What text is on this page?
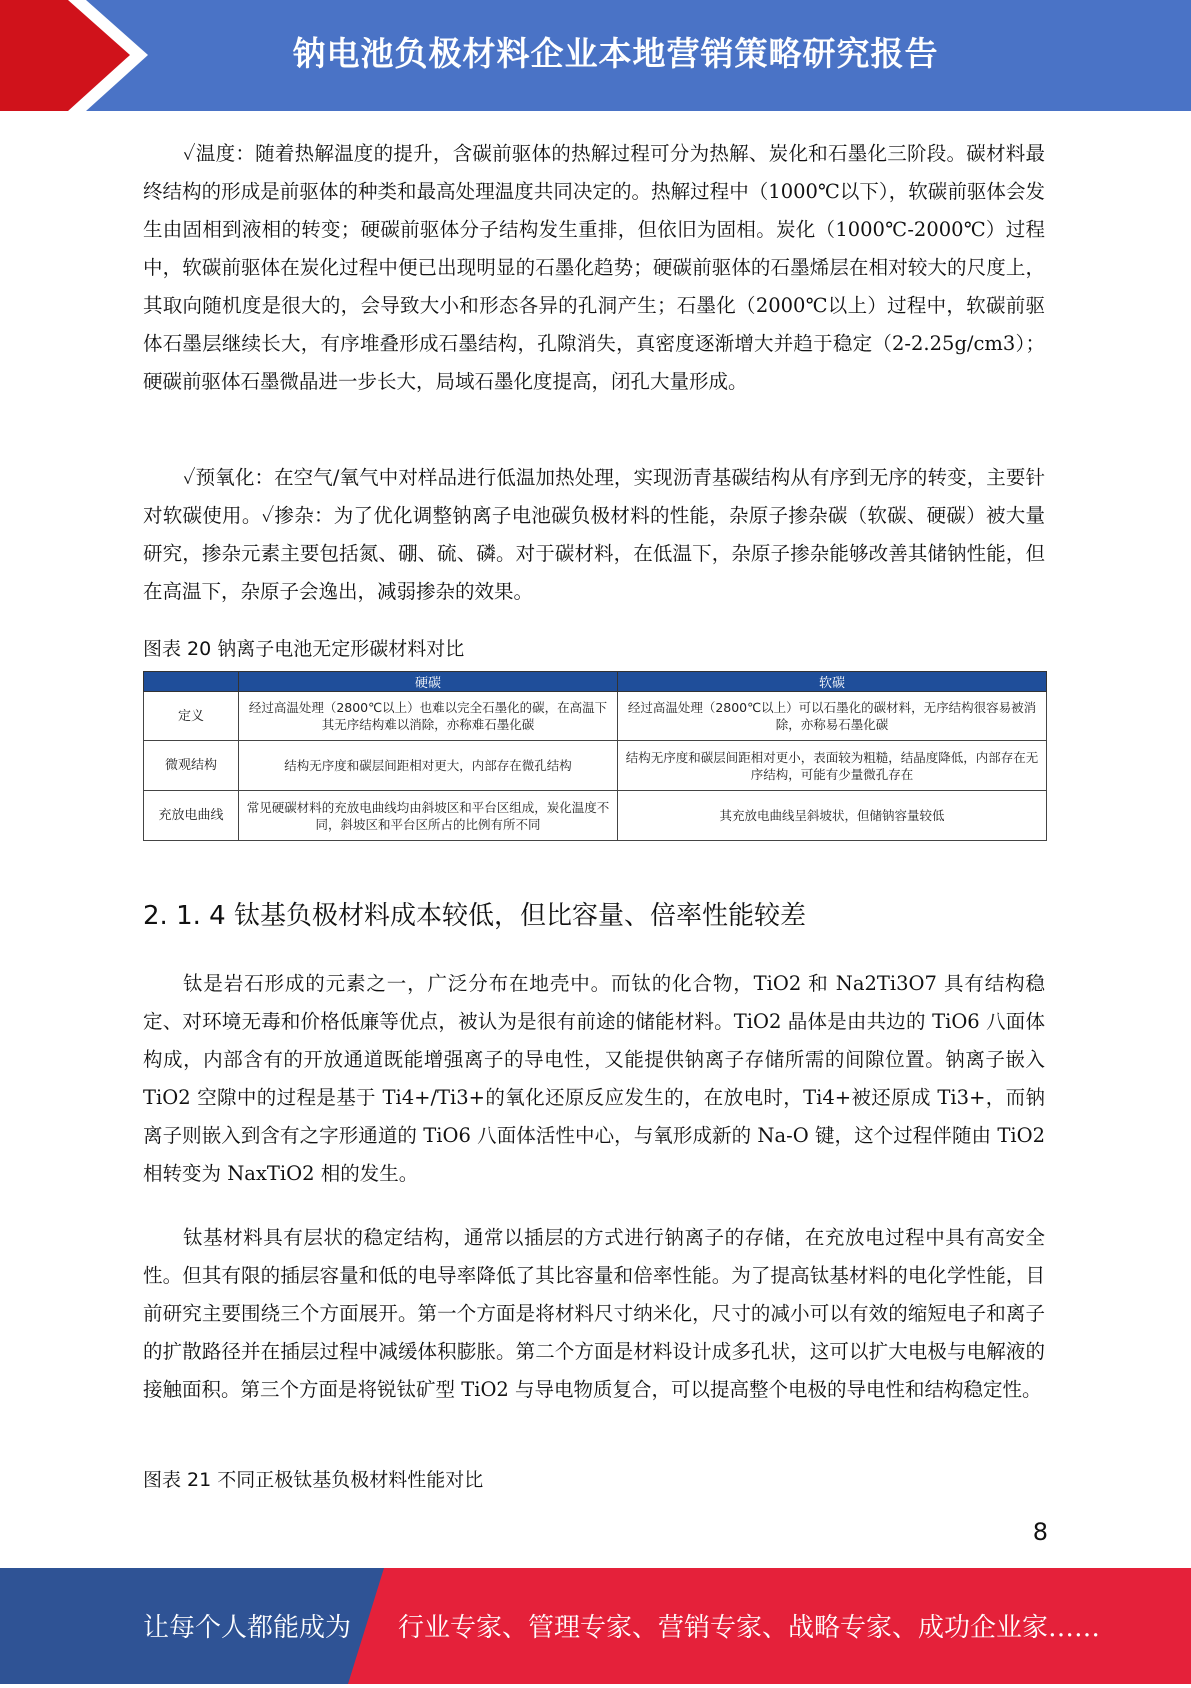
钠电池负极材料企业本地营销策略研究报告

✓温度：随着热解温度的提升，含碳前驱体的热解过程可分为热解、炭化和石墨化三阶段。碳材料最终结构的形成是前驱体的种类和最高处理温度共同决定的。热解过程中（1000℃以下），软碳前驱体会发生由固相到液相的转变；硬碳前驱体分子结构发生重排，但依旧为固相。炭化（1000℃-2000℃）过程中，软碳前驱体在炭化过程中便已出现明显的石墨化趋势；硬碳前驱体的石墨烯层在相对较大的尺度上，其取向随机度是很大的，会导致大小和形态各异的孔洞产生；石墨化（2000℃以上）过程中，软碳前驱体石墨层继续长大，有序堆叠形成石墨结构，孔隙消失，真密度逐渐增大并趋于稳定（2-2.25g/cm3）；硬碳前驱体石墨微晶进一步长大，局域石墨化度提高，闭孔大量形成。

✓预氧化：在空气/氧气中对样品进行低温加热处理，实现沥青基碳结构从有序到无序的转变，主要针对软碳使用。✓掺杂：为了优化调整钠离子电池碳负极材料的性能，杂原子掺杂碳（软碳、硬碳）被大量研究，掺杂元素主要包括氮、硼、硫、磷。对于碳材料，在低温下，杂原子掺杂能够改善其储钠性能，但在高温下，杂原子会逸出，减弱掺杂的效果。

图表 20 钠离子电池无定形碳材料对比
	硬碳	软碳
定义	经过高温处理（2800℃以上）也难以完全石墨化的碳，在高温下其无序结构难以消除，亦称难石墨化碳	经过高温处理（2800℃以上）可以石墨化的碳材料，无序结构很容易被消除，亦称易石墨化碳
微观结构	结构无序度和碳层间距相对更大，内部存在微孔结构	结构无序度和碳层间距相对更小，表面较为粗糙，结晶度降低，内部存在无序结构，可能有少量微孔存在
充放电曲线	常见硬碳材料的充放电曲线均由斜坡区和平台区组成，炭化温度不同，斜坡区和平台区所占的比例有所不同	其充放电曲线呈斜坡状，但储钠容量较低
2. 1. 4 钛基负极材料成本较低，但比容量、倍率性能较差

钛是岩石形成的元素之一，广泛分布在地壳中。而钛的化合物，TiO2 和 Na2Ti3O7 具有结构稳定、对环境无毒和价格低廉等优点，被认为是很有前途的储能材料。TiO2 晶体是由共边的 TiO6 八面体构成，内部含有的开放通道既能增强离子的导电性，又能提供钠离子存储所需的间隙位置。钠离子嵌入 TiO2 空隙中的过程是基于 Ti4+/Ti3+的氧化还原反应发生的，在放电时，Ti4+被还原成 Ti3+，而钠离子则嵌入到含有之字形通道的 TiO6 八面体活性中心，与氧形成新的 Na-O 键，这个过程伴随由 TiO2 相转变为 NaxTiO2 相的发生。

钛基材料具有层状的稳定结构，通常以插层的方式进行钠离子的存储，在充放电过程中具有高安全性。但其有限的插层容量和低的电导率降低了其比容量和倍率性能。为了提高钛基材料的电化学性能，目前研究主要围绕三个方面展开。第一个方面是将材料尺寸纳米化，尺寸的减小可以有效的缩短电子和离子的扩散路径并在插层过程中减缓体积膨胀。第二个方面是材料设计成多孔状，这可以扩大电极与电解液的接触面积。第三个方面是将锐钛矿型 TiO2 与导电物质复合，可以提高整个电极的导电性和结构稳定性。

图表 21 不同正极钛基负极材料性能对比
8
让每个人都能成为 行业专家、管理专家、营销专家、战略专家、成功企业家……
